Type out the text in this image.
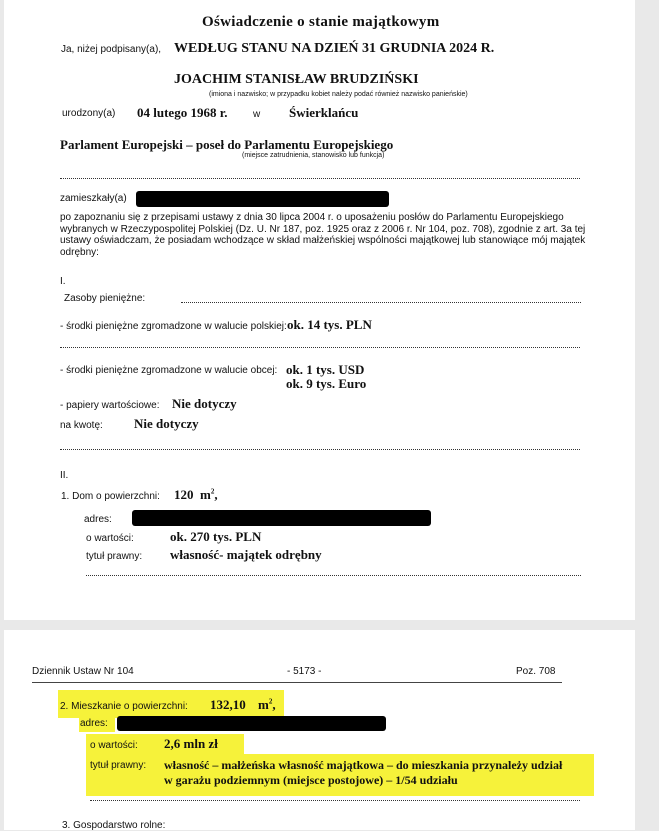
Oświadczenie o stanie majątkowym
Ja, niżej podpisany(a), WEDŁUG STANU NA DZIEŃ 31 GRUDNIA 2024 R.
JOACHIM STANISŁAW BRUDZIŃSKI
(imiona i nazwisko; w przypadku kobiet należy podać również nazwisko panieńskie)
urodzony(a) 04 lutego 1968 r.	w Świerklańcu
Parlament Europejski – poseł do Parlamentu Europejskiego
(miejsce zatrudnienia, stanowisko lub funkcja)
zamieszkały(a)
po zapoznaniu się z przepisami ustawy z dnia 30 lipca 2004 r. o uposażeniu posłów do Parlamentu Europejskiego wybranych w Rzeczypospolitej Polskiej (Dz. U. Nr 187, poz. 1925 oraz z 2006 r. Nr 104, poz. 708), zgodnie z art. 3a tej ustawy oświadczam, że posiadam wchodzące w skład małżeńskiej wspólności majątkowej lub stanowiące mój majątek odrębny:
I.
Zasoby pieniężne:
- środki pieniężne zgromadzone w walucie polskiej: ok. 14 tys. PLN
- środki pieniężne zgromadzone w walucie obcej: ok. 1 tys. USD
ok. 9 tys. Euro
- papiery wartościowe: Nie dotyczy
na kwotę: Nie dotyczy
II.
1. Dom o powierzchni: 120 $m^2$,
adres:
o wartości:	ok. 270 tys. PLN
tytuł prawny: własność- majątek odrębny
Dziennik Ustaw Nr 104	- 5173 -	Poz. 708
2. Mieszkanie o powierzchni: 132,10 $m^2$,
adres:
o wartości: 2,6 mln zł
tytuł prawny: własność – małżeńska własność majątkowa – do mieszkania przynależy udział
w garażu podziemnym (miejsce postojowe) – 1/54 udziału
3. Gospodarstwo rolne:
